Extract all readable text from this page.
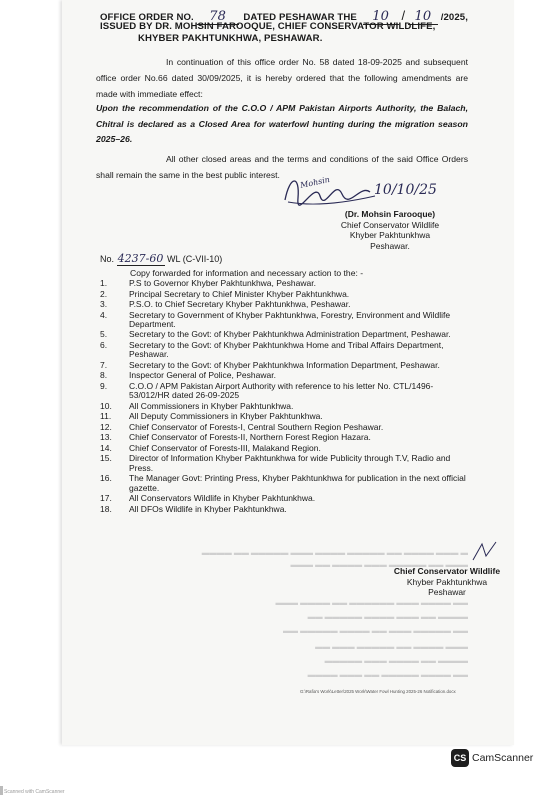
OFFICE ORDER NO. 78 DATED PESHAWAR THE 10 / 10 /2025,
ISSUED BY DR. MOHSIN FAROOQUE, CHIEF CONSERVATOR WILDLIFE,
KHYBER PAKHTUNKHWA, PESHAWAR.
In continuation of this office order No. 58 dated 18-09-2025 and subsequent office order No.66 dated 30/09/2025, it is hereby ordered that the following amendments are made with immediate effect:
Upon the recommendation of the C.O.O / APM Pakistan Airports Authority, the Balach, Chitral is declared as a Closed Area for waterfowl hunting during the migration season 2025–26.
All other closed areas and the terms and conditions of the said Office Orders shall remain the same in the best public interest.	Mohsin	10/10/25
(Dr. Mohsin Farooque)
Chief Conservator Wildlife
Khyber Pakhtunkhwa
Peshawar.
No. 4237-60 WL (C-VII-10)
Copy forwarded for information and necessary action to the: -
1.	P.S to Governor Khyber Pakhtunkhwa, Peshawar.
2.	Principal Secretary to Chief Minister Khyber Pakhtunkhwa.
3.	P.S.O. to Chief Secretary Khyber Pakhtunkhwa, Peshawar.
4.	Secretary to Government of Khyber Pakhtunkhwa, Forestry, Environment and Wildlife Department.
5.	Secretary to the Govt: of Khyber Pakhtunkhwa Administration Department, Peshawar.
6.	Secretary to the Govt: of Khyber Pakhtunkhwa Home and Tribal Affairs Department, Peshawar.
7.	Secretary to the Govt: of Khyber Pakhtunkhwa Information Department, Peshawar.
8.	Inspector General of Police, Peshawar.
9.	C.O.O / APM Pakistan Airport Authority with reference to his letter No. CTL/1496-53/012/HR dated 26-09-2025
10.	All Commissioners in Khyber Pakhtunkhwa.
11.	All Deputy Commissioners in Khyber Pakhtunkhwa.
12.	Chief Conservator of Forests-I, Central Southern Region Peshawar.
13.	Chief Conservator of Forests-II, Northern Forest Region Hazara.
14.	Chief Conservator of Forests-III, Malakand Region.
15.	Director of Information Khyber Pakhtunkhwa for wide Publicity through T.V, Radio and Press.
16.	The Manager Govt: Printing Press, Khyber Pakhtunkhwa for publication in the next official gazette.
17.	All Conservators Wildlife in Khyber Pakhtunkhwa.
18.	All DFOs Wildlife in Khyber Pakhtunkhwa.
Chief Conservator Wildlife
Khyber Pakhtunkhwa
Peshawar
▬ ▬▬▬ ▬▬▬▬ ▬▬ ▬▬▬▬▬ ▬▬▬▬ ▬▬▬ ▬▬▬▬▬ ▬▬ ▬▬▬▬
▬▬▬ ▬▬ ▬▬▬▬▬ ▬▬▬ ▬▬▬▬ ▬▬ ▬▬▬
▬▬ ▬▬▬▬ ▬▬▬ ▬▬▬▬▬▬ ▬▬ ▬▬▬▬ ▬▬▬
▬▬▬▬ ▬▬ ▬▬▬ ▬▬▬▬ ▬▬▬▬▬ ▬▬
▬▬ ▬▬▬▬▬ ▬▬▬ ▬▬ ▬▬▬▬ ▬▬▬▬▬ ▬▬
▬▬▬ ▬▬▬▬ ▬▬ ▬▬▬▬▬ ▬▬▬ ▬▬
▬▬▬▬ ▬▬ ▬▬▬▬ ▬▬▬ ▬▬▬▬▬
▬▬ ▬▬▬▬ ▬▬▬▬▬ ▬▬ ▬▬▬ ▬▬▬▬
G:\Rafia's Work\Letter\2025 Work\Water Fowl Hunting 2025-26 Notification.docx
CS CamScanner
Scanned with CamScanner
